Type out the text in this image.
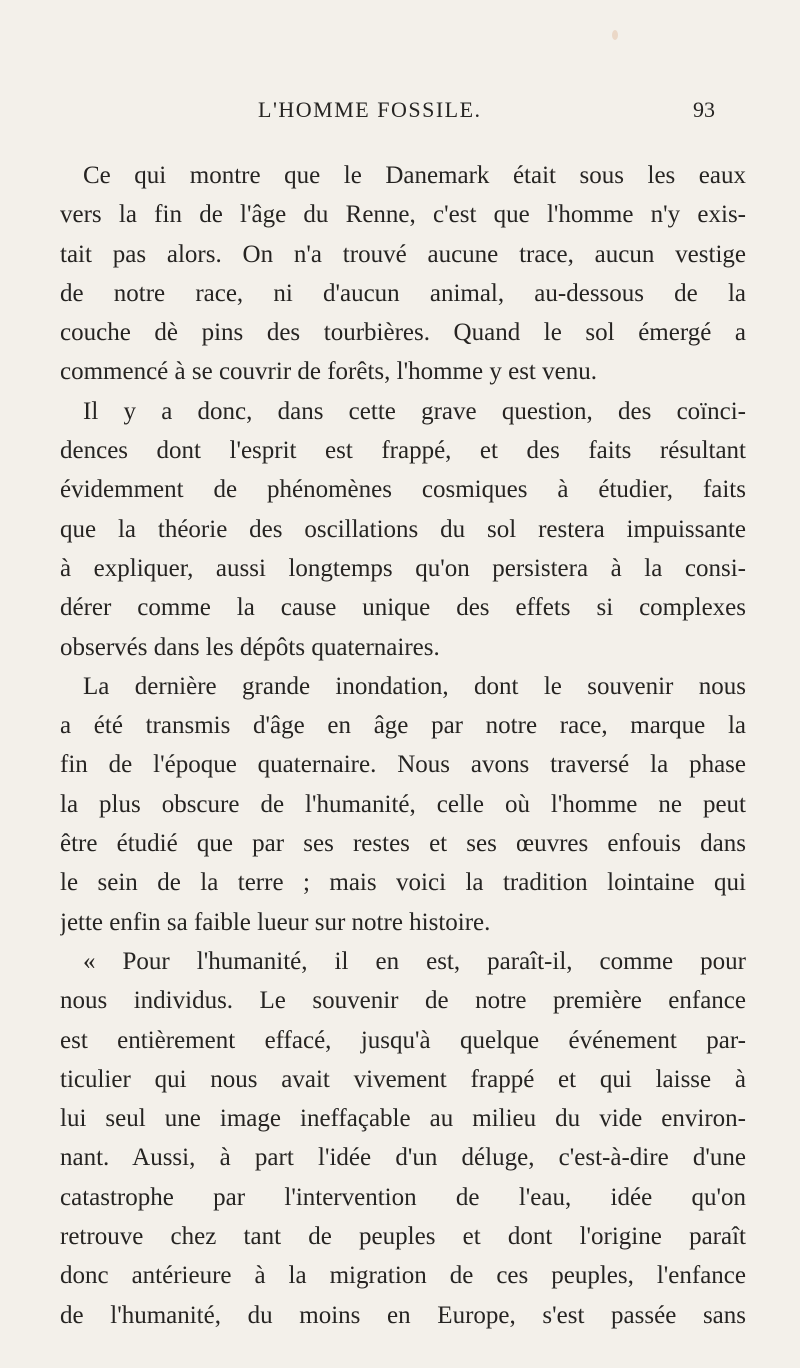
L'HOMME FOSSILE.	93
Ce qui montre que le Danemark était sous les eaux
vers la fin de l'âge du Renne, c'est que l'homme n'y exis-
tait pas alors. On n'a trouvé aucune trace, aucun vestige
de notre race, ni d'aucun animal, au-dessous de la
couche dè pins des tourbières. Quand le sol émergé a
commencé à se couvrir de forêts, l'homme y est venu.
Il y a donc, dans cette grave question, des coïnci-
dences dont l'esprit est frappé, et des faits résultant
évidemment de phénomènes cosmiques à étudier, faits
que la théorie des oscillations du sol restera impuissante
à expliquer, aussi longtemps qu'on persistera à la consi-
dérer comme la cause unique des effets si complexes
observés dans les dépôts quaternaires.
La dernière grande inondation, dont le souvenir nous
a été transmis d'âge en âge par notre race, marque la
fin de l'époque quaternaire. Nous avons traversé la phase
la plus obscure de l'humanité, celle où l'homme ne peut
être étudié que par ses restes et ses œuvres enfouis dans
le sein de la terre ; mais voici la tradition lointaine qui
jette enfin sa faible lueur sur notre histoire.
« Pour l'humanité, il en est, paraît-il, comme pour
nous individus. Le souvenir de notre première enfance
est entièrement effacé, jusqu'à quelque événement par-
ticulier qui nous avait vivement frappé et qui laisse à
lui seul une image ineffaçable au milieu du vide environ-
nant. Aussi, à part l'idée d'un déluge, c'est-à-dire d'une
catastrophe par l'intervention de l'eau, idée qu'on
retrouve chez tant de peuples et dont l'origine paraît
donc antérieure à la migration de ces peuples, l'enfance
de l'humanité, du moins en Europe, s'est passée sans
